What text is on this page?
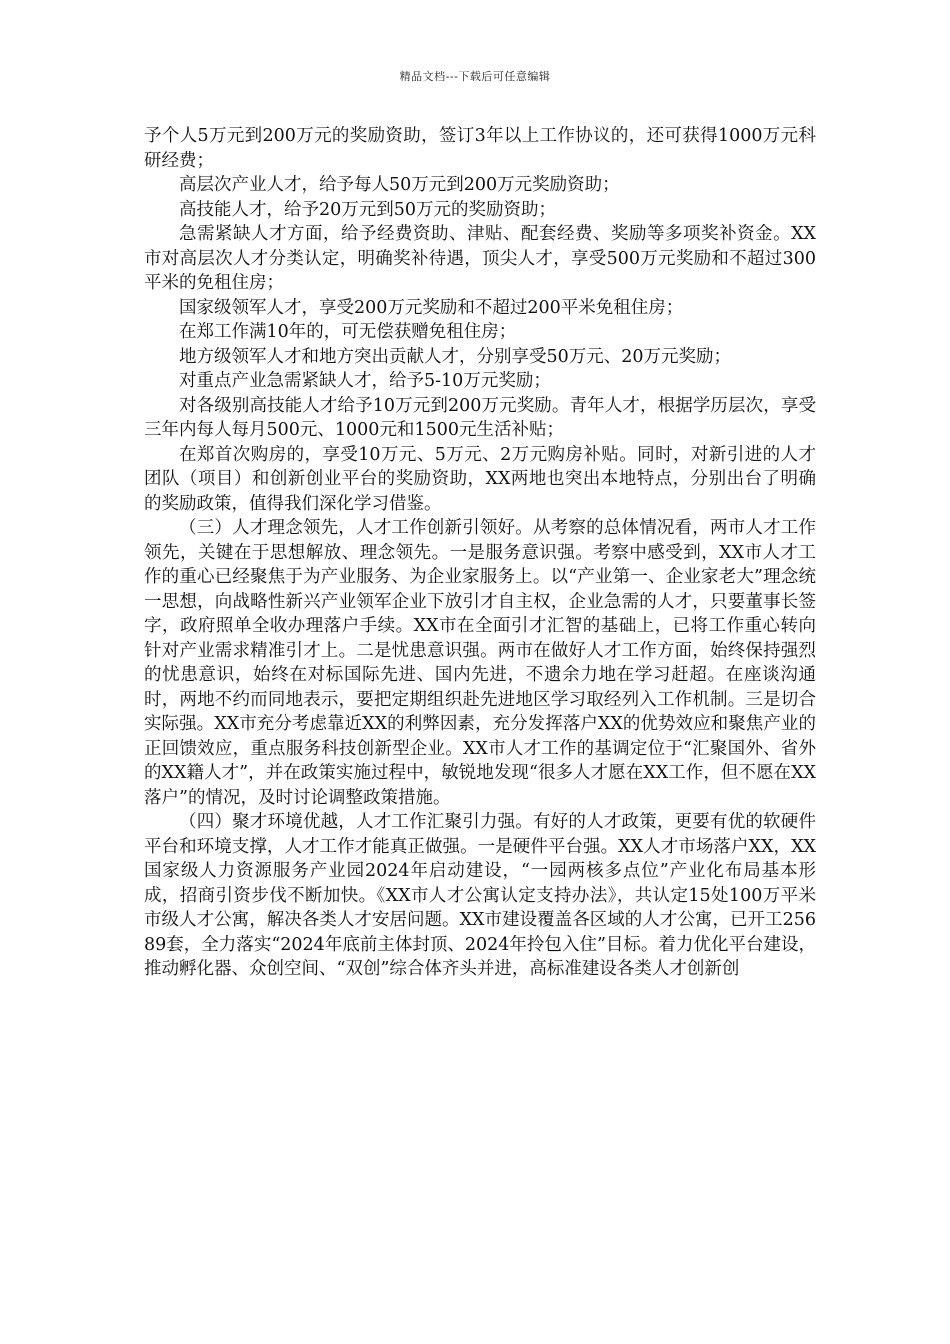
精品文档---下载后可任意编辑

予个人5万元到200万元的奖励资助，签订3年以上工作协议的，还可获得1000万元科研经费；

高层次产业人才，给予每人50万元到200万元奖励资助；

高技能人才，给予20万元到50万元的奖励资助；

急需紧缺人才方面，给予经费资助、津贴、配套经费、奖励等多项奖补资金。XX市对高层次人才分类认定，明确奖补待遇，顶尖人才，享受500万元奖励和不超过300平米的免租住房；

国家级领军人才，享受200万元奖励和不超过200平米免租住房；

在郑工作满10年的，可无偿获赠免租住房；

地方级领军人才和地方突出贡献人才，分别享受50万元、20万元奖励；

对重点产业急需紧缺人才，给予5-10万元奖励；

对各级别高技能人才给予10万元到200万元奖励。青年人才，根据学历层次，享受三年内每人每月500元、1000元和1500元生活补贴；

在郑首次购房的，享受10万元、5万元、2万元购房补贴。同时，对新引进的人才团队（项目）和创新创业平台的奖励资助，XX两地也突出本地特点，分别出台了明确的奖励政策，值得我们深化学习借鉴。

（三）人才理念领先，人才工作创新引领好。从考察的总体情况看，两市人才工作领先，关键在于思想解放、理念领先。一是服务意识强。考察中感受到，XX市人才工作的重心已经聚焦于为产业服务、为企业家服务上。以“产业第一、企业家老大”理念统一思想，向战略性新兴产业领军企业下放引才自主权，企业急需的人才，只要董事长签字，政府照单全收办理落户手续。XX市在全面引才汇智的基础上，已将工作重心转向针对产业需求精准引才上。二是忧患意识强。两市在做好人才工作方面，始终保持强烈的忧患意识，始终在对标国际先进、国内先进，不遗余力地在学习赶超。在座谈沟通时，两地不约而同地表示，要把定期组织赴先进地区学习取经列入工作机制。三是切合实际强。XX市充分考虑靠近XX的利弊因素，充分发挥落户XX的优势效应和聚焦产业的正回馈效应，重点服务科技创新型企业。XX市人才工作的基调定位于“汇聚国外、省外的XX籍人才”，并在政策实施过程中，敏锐地发现“很多人才愿在XX工作，但不愿在XX落户”的情况，及时讨论调整政策措施。

（四）聚才环境优越，人才工作汇聚引力强。有好的人才政策，更要有优的软硬件平台和环境支撑，人才工作才能真正做强。一是硬件平台强。XX人才市场落户XX，XX国家级人力资源服务产业园2024年启动建设，“一园两核多点位”产业化布局基本形成，招商引资步伐不断加快。《XX市人才公寓认定支持办法》，共认定15处100万平米市级人才公寓，解决各类人才安居问题。XX市建设覆盖各区域的人才公寓，已开工25689套，全力落实“2024年底前主体封顶、2024年拎包入住”目标。着力优化平台建设，推动孵化器、众创空间、“双创”综合体齐头并进，高标准建设各类人才创新创
